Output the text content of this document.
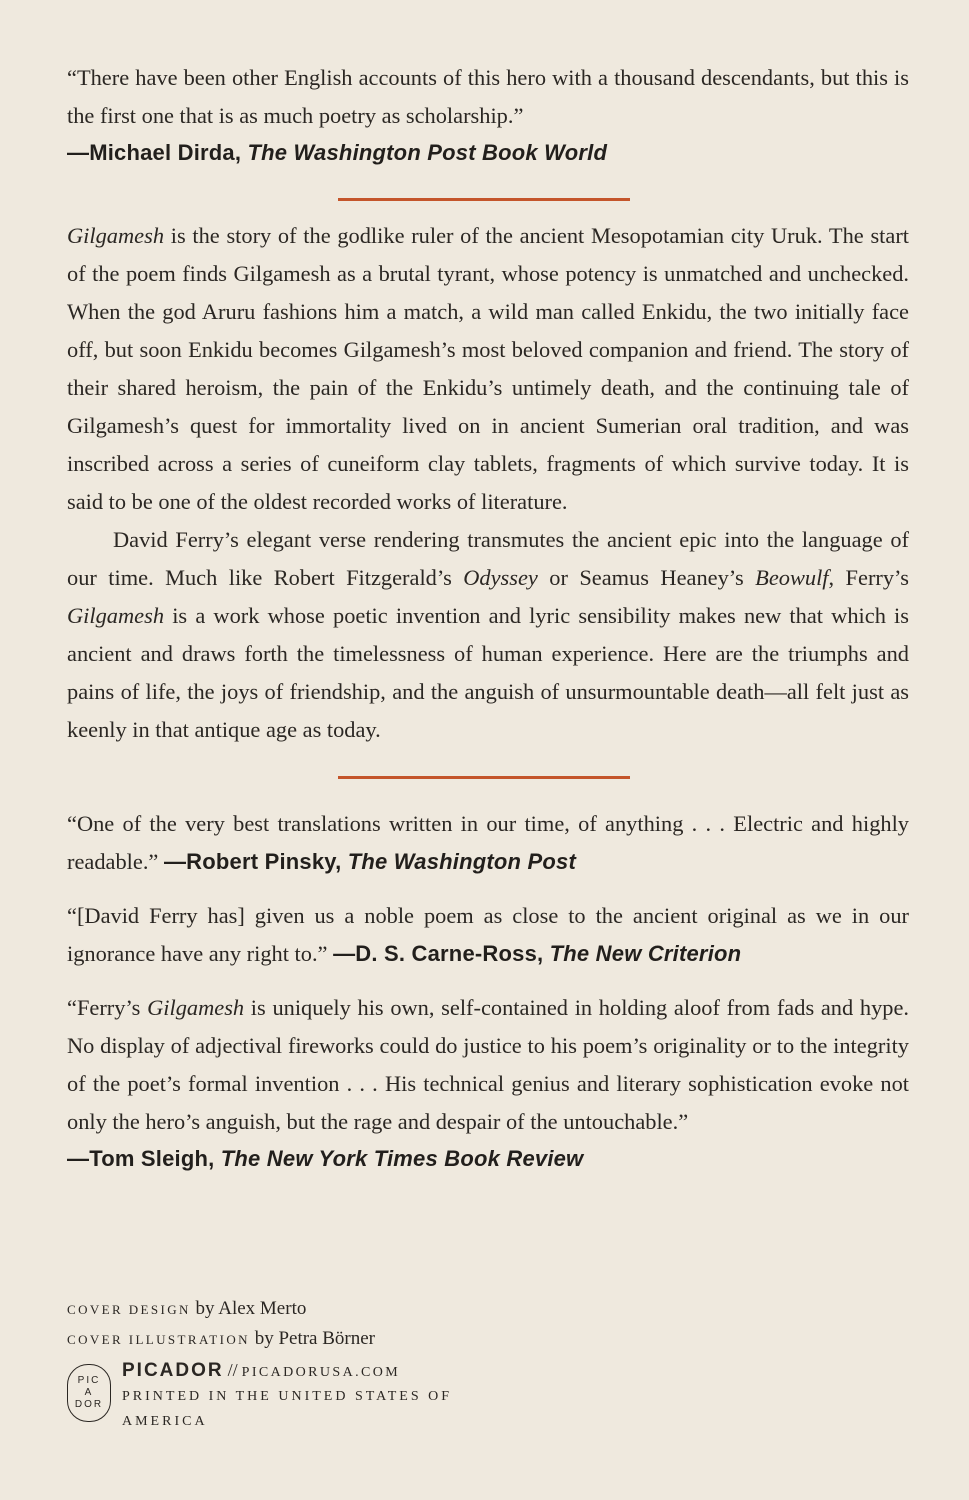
“There have been other English accounts of this hero with a thousand descendants, but this is the first one that is as much poetry as scholarship.”
—Michael Dirda, The Washington Post Book World
Gilgamesh is the story of the godlike ruler of the ancient Mesopotamian city Uruk. The start of the poem finds Gilgamesh as a brutal tyrant, whose potency is unmatched and unchecked. When the god Aruru fashions him a match, a wild man called Enkidu, the two initially face off, but soon Enkidu becomes Gilgamesh’s most beloved companion and friend. The story of their shared heroism, the pain of the Enkidu’s untimely death, and the continuing tale of Gilgamesh’s quest for immortality lived on in ancient Sumerian oral tradition, and was inscribed across a series of cuneiform clay tablets, fragments of which survive today. It is said to be one of the oldest recorded works of literature.
David Ferry’s elegant verse rendering transmutes the ancient epic into the language of our time. Much like Robert Fitzgerald’s Odyssey or Seamus Heaney’s Beowulf, Ferry’s Gilgamesh is a work whose poetic invention and lyric sensibility makes new that which is ancient and draws forth the timelessness of human experience. Here are the triumphs and pains of life, the joys of friendship, and the anguish of unsurmountable death—all felt just as keenly in that antique age as today.
“One of the very best translations written in our time, of anything . . . Electric and highly readable.” —Robert Pinsky, The Washington Post
“[David Ferry has] given us a noble poem as close to the ancient original as we in our ignorance have any right to.” —D. S. Carne-Ross, The New Criterion
“Ferry’s Gilgamesh is uniquely his own, self-contained in holding aloof from fads and hype. No display of adjectival fireworks could do justice to his poem’s originality or to the integrity of the poet’s formal invention . . . His technical genius and literary sophistication evoke not only the hero’s anguish, but the rage and despair of the untouchable.”
—Tom Sleigh, The New York Times Book Review
COVER DESIGN by Alex Merto
COVER ILLUSTRATION by Petra Börner
PIC
A
DOR
PICADOR // PICADORUSA.COM
PRINTED IN THE UNITED STATES OF AMERICA
